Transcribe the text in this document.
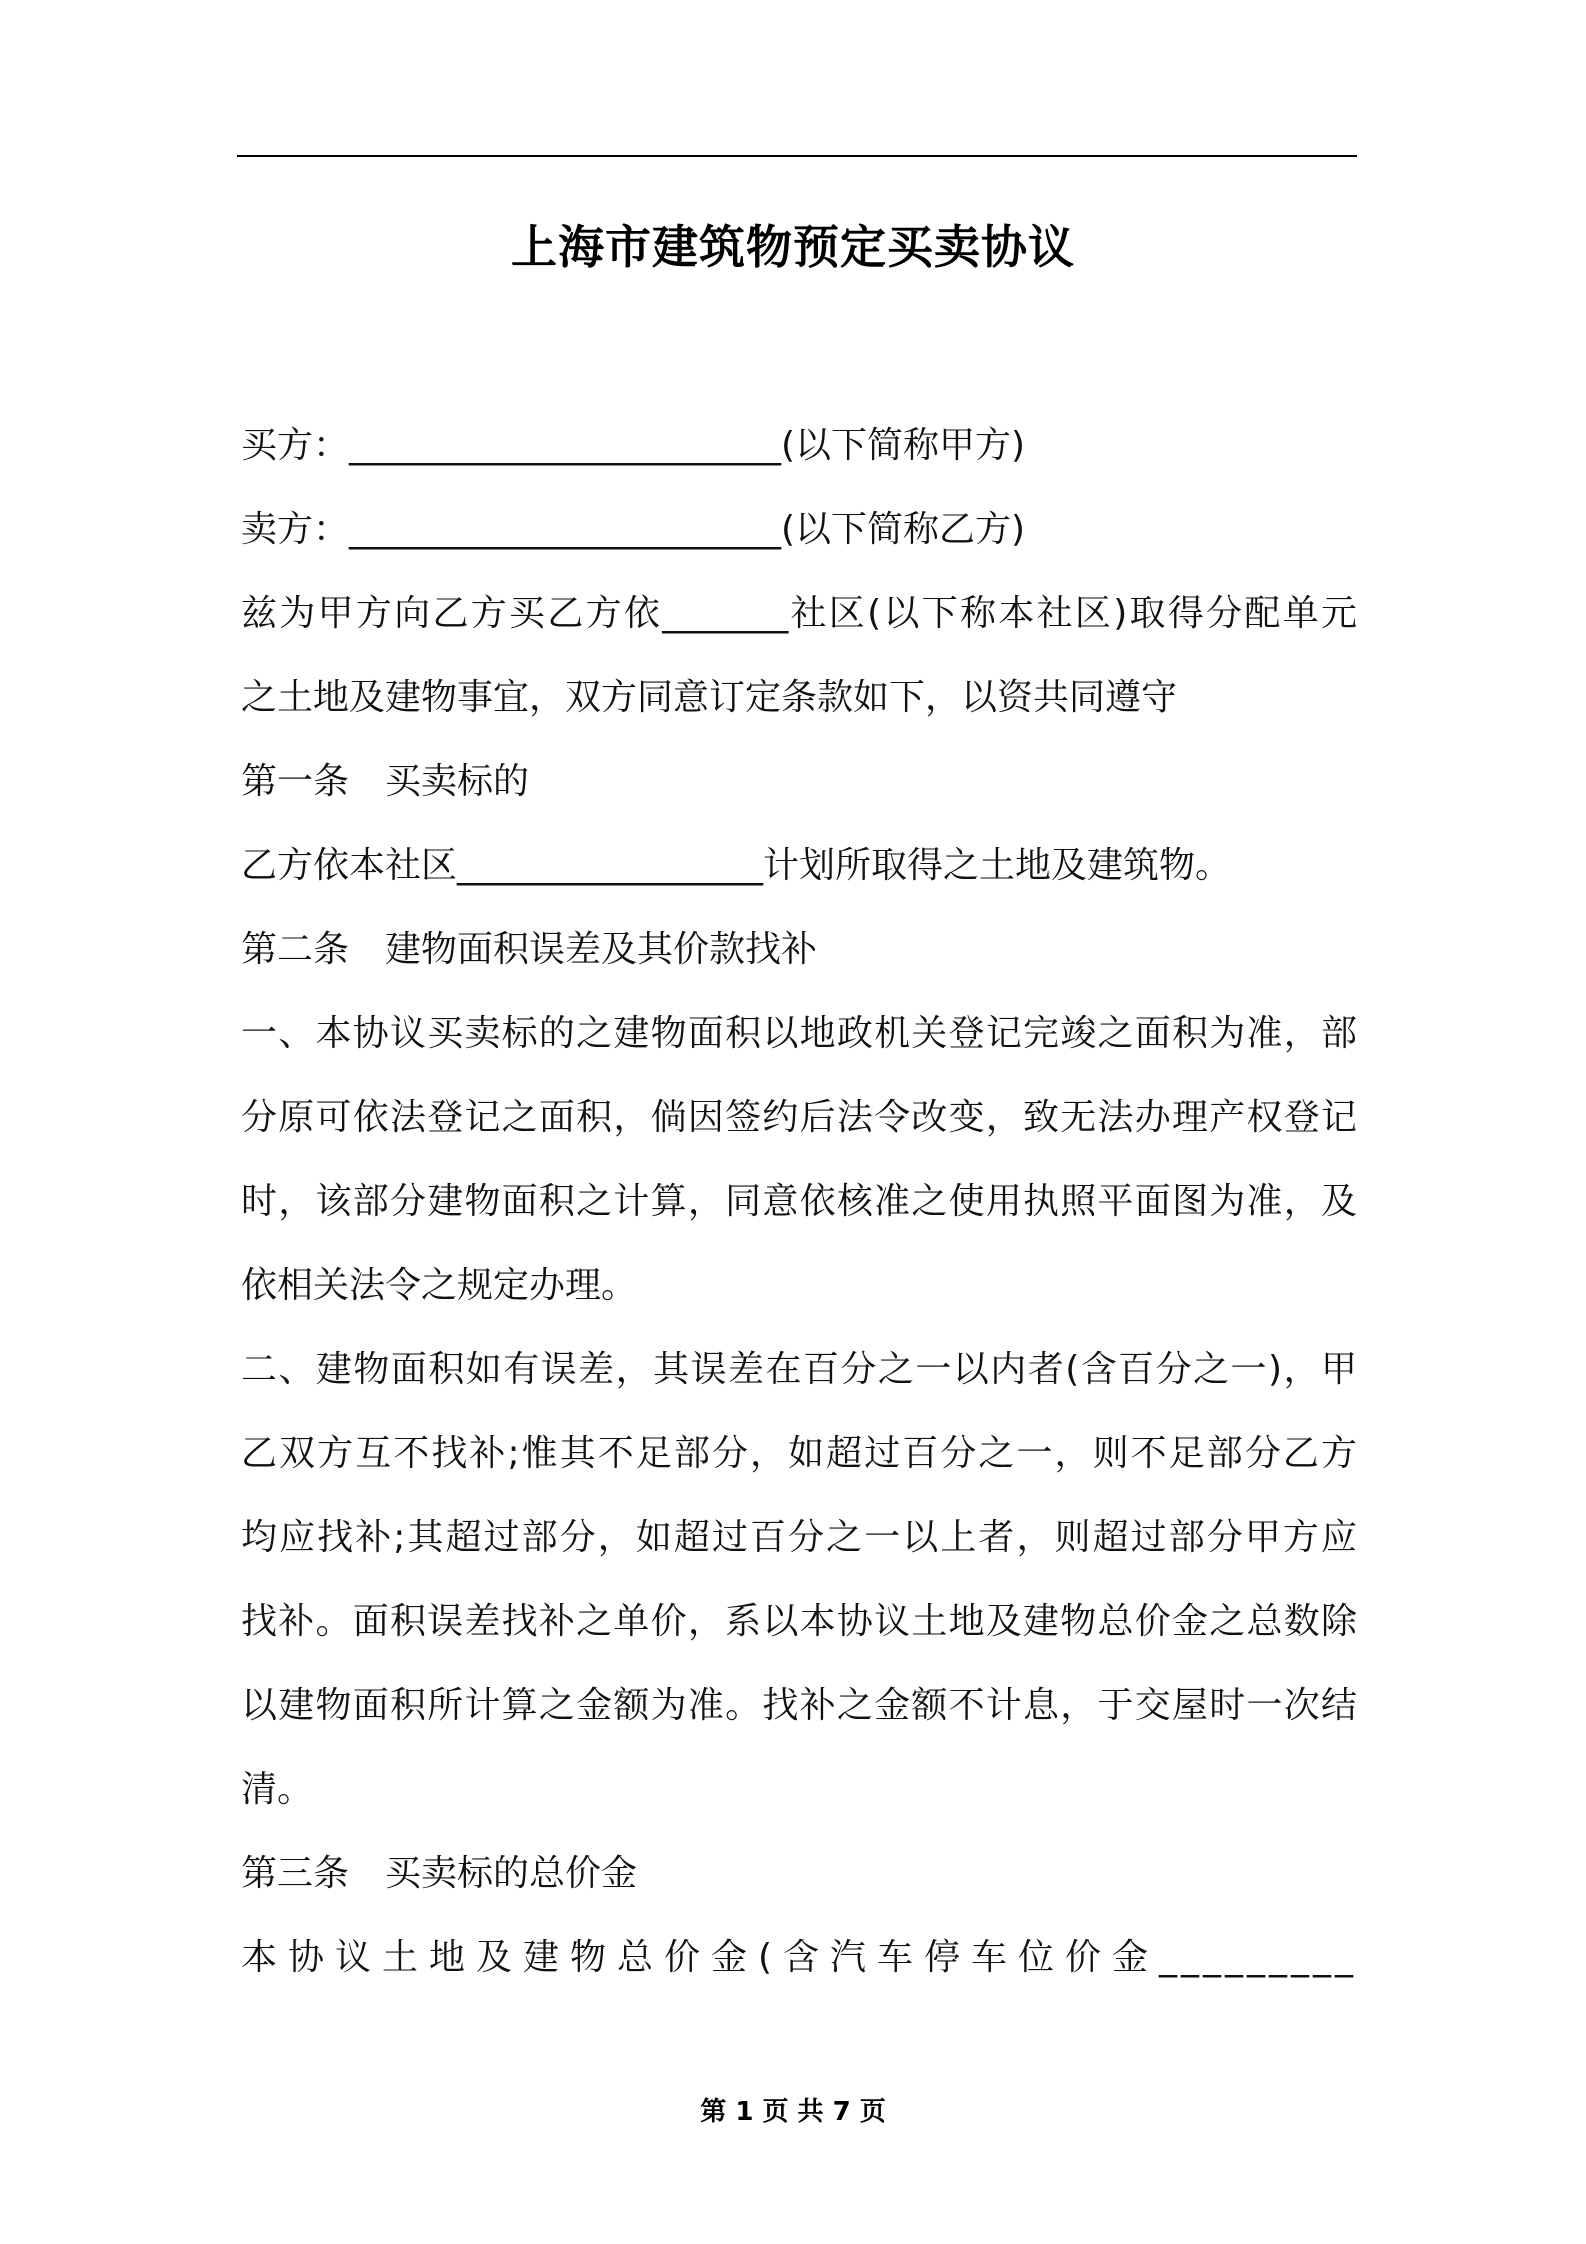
上海市建筑物预定买卖协议
买方：________________________(以下简称甲方)
卖方：________________________(以下简称乙方)
兹为甲方向乙方买乙方依_______社区(以下称本社区)取得分配单元
之土地及建物事宜，双方同意订定条款如下，以资共同遵守
第一条　买卖标的
乙方依本社区_________________计划所取得之土地及建筑物。
第二条　建物面积误差及其价款找补
一、本协议买卖标的之建物面积以地政机关登记完竣之面积为准，部
分原可依法登记之面积，倘因签约后法令改变，致无法办理产权登记
时，该部分建物面积之计算，同意依核准之使用执照平面图为准，及
依相关法令之规定办理。
二、建物面积如有误差，其误差在百分之一以内者(含百分之一)，甲
乙双方互不找补;惟其不足部分，如超过百分之一，则不足部分乙方
均应找补;其超过部分，如超过百分之一以上者，则超过部分甲方应
找补。面积误差找补之单价，系以本协议土地及建物总价金之总数除
以建物面积所计算之金额为准。找补之金额不计息，于交屋时一次结
清。
第三条　买卖标的总价金
本协议土地及建物总价金(含汽车停车位价金_________
第 1 页 共 7 页
